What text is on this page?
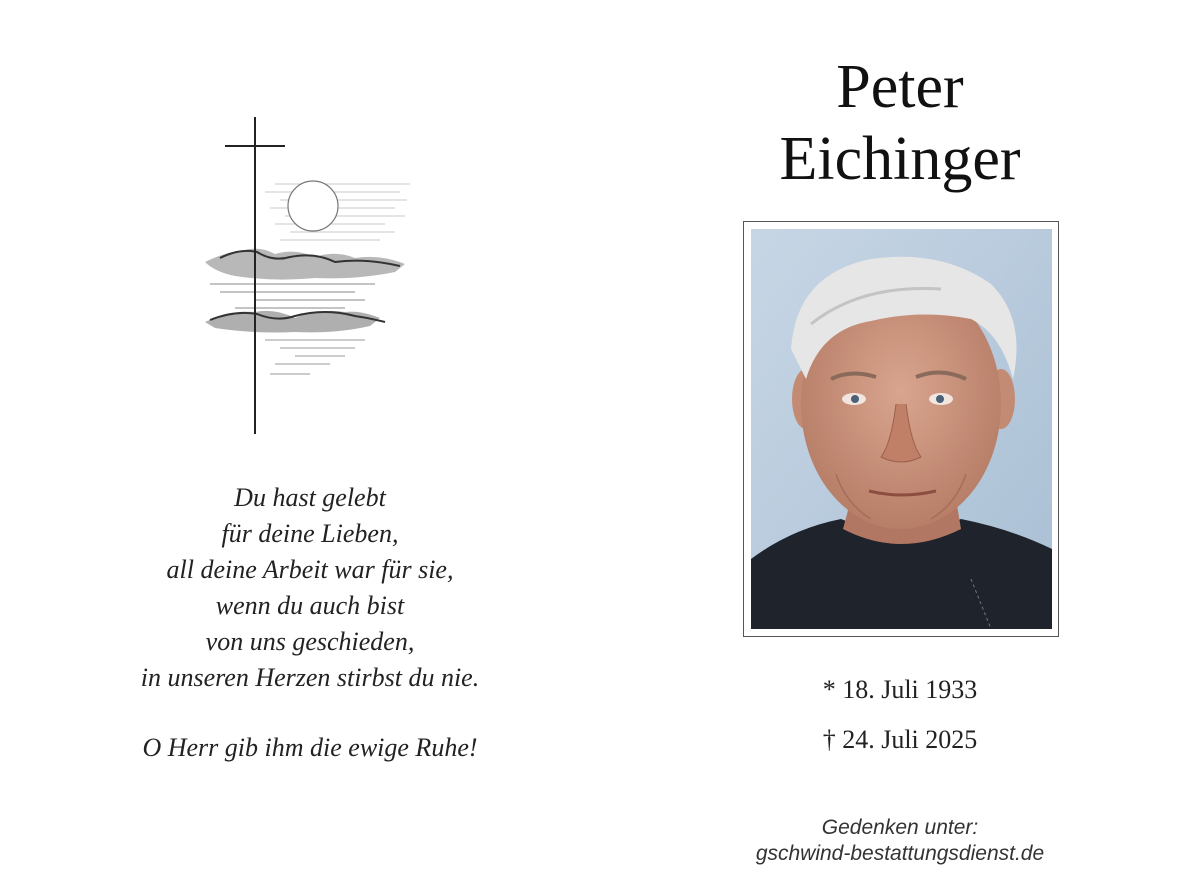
Du hast gelebt
für deine Lieben,
all deine Arbeit war für sie,
wenn du auch bist
von uns geschieden,
in unseren Herzen stirbst du nie.
O Herr gib ihm die ewige Ruhe!
Peter
Eichinger
* 18. Juli 1933
† 24. Juli 2025
Gedenken unter:
gschwind-bestattungsdienst.de
